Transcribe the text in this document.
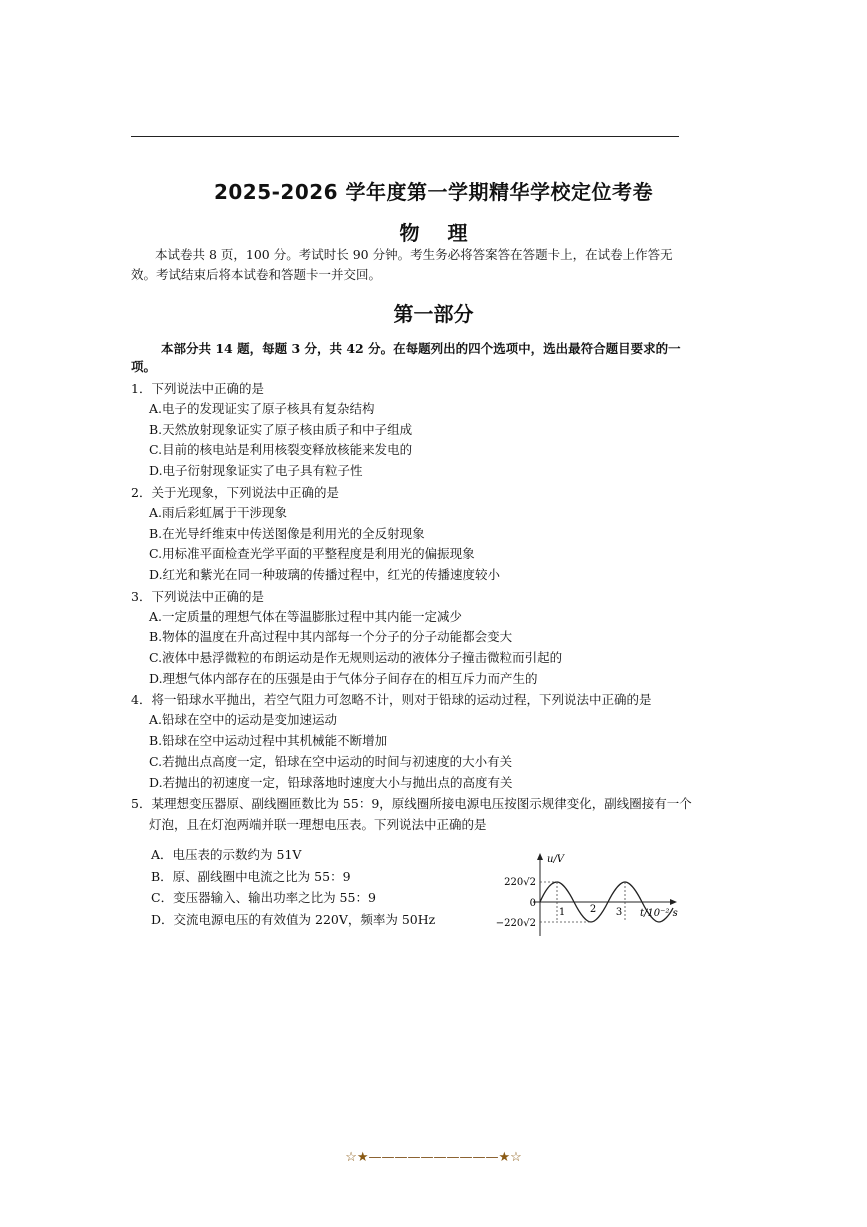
2025-2026 学年度第一学期精华学校定位考卷
物理
本试卷共 8 页，100 分。考试时长 90 分钟。考生务必将答案答在答题卡上，在试卷上作答无效。考试结束后将本试卷和答题卡一并交回。
第一部分
本部分共 14 题，每题 3 分，共 42 分。在每题列出的四个选项中，选出最符合题目要求的一项。
1．下列说法中正确的是
A.电子的发现证实了原子核具有复杂结构
B.天然放射现象证实了原子核由质子和中子组成
C.目前的核电站是利用核裂变释放核能来发电的
D.电子衍射现象证实了电子具有粒子性
2．关于光现象，下列说法中正确的是
A.雨后彩虹属于干涉现象
B.在光导纤维束中传送图像是利用光的全反射现象
C.用标准平面检查光学平面的平整程度是利用光的偏振现象
D.红光和紫光在同一种玻璃的传播过程中，红光的传播速度较小
3．下列说法中正确的是
A.一定质量的理想气体在等温膨胀过程中其内能一定减少
B.物体的温度在升高过程中其内部每一个分子的分子动能都会变大
C.液体中悬浮微粒的布朗运动是作无规则运动的液体分子撞击微粒而引起的
D.理想气体内部存在的压强是由于气体分子间存在的相互斥力而产生的
4．将一铅球水平抛出，若空气阻力可忽略不计，则对于铅球的运动过程，下列说法中正确的是
A.铅球在空中的运动是变加速运动
B.铅球在空中运动过程中其机械能不断增加
C.若抛出点高度一定，铅球在空中运动的时间与初速度的大小有关
D.若抛出的初速度一定，铅球落地时速度大小与抛出点的高度有关
5．某理想变压器原、副线圈匝数比为 55：9，原线圈所接电源电压按图示规律变化，副线圈接有一个灯泡，且在灯泡两端并联一理想电压表。下列说法中正确的是
A．电压表的示数约为 51V
B．原、副线圈中电流之比为 55：9
C．变压器输入、输出功率之比为 55：9
D．交流电源电压的有效值为 220V，频率为 50Hz
u/V
220√2
0
−220√2
1 2 3 t/10⁻² s
☆★——————————★☆
